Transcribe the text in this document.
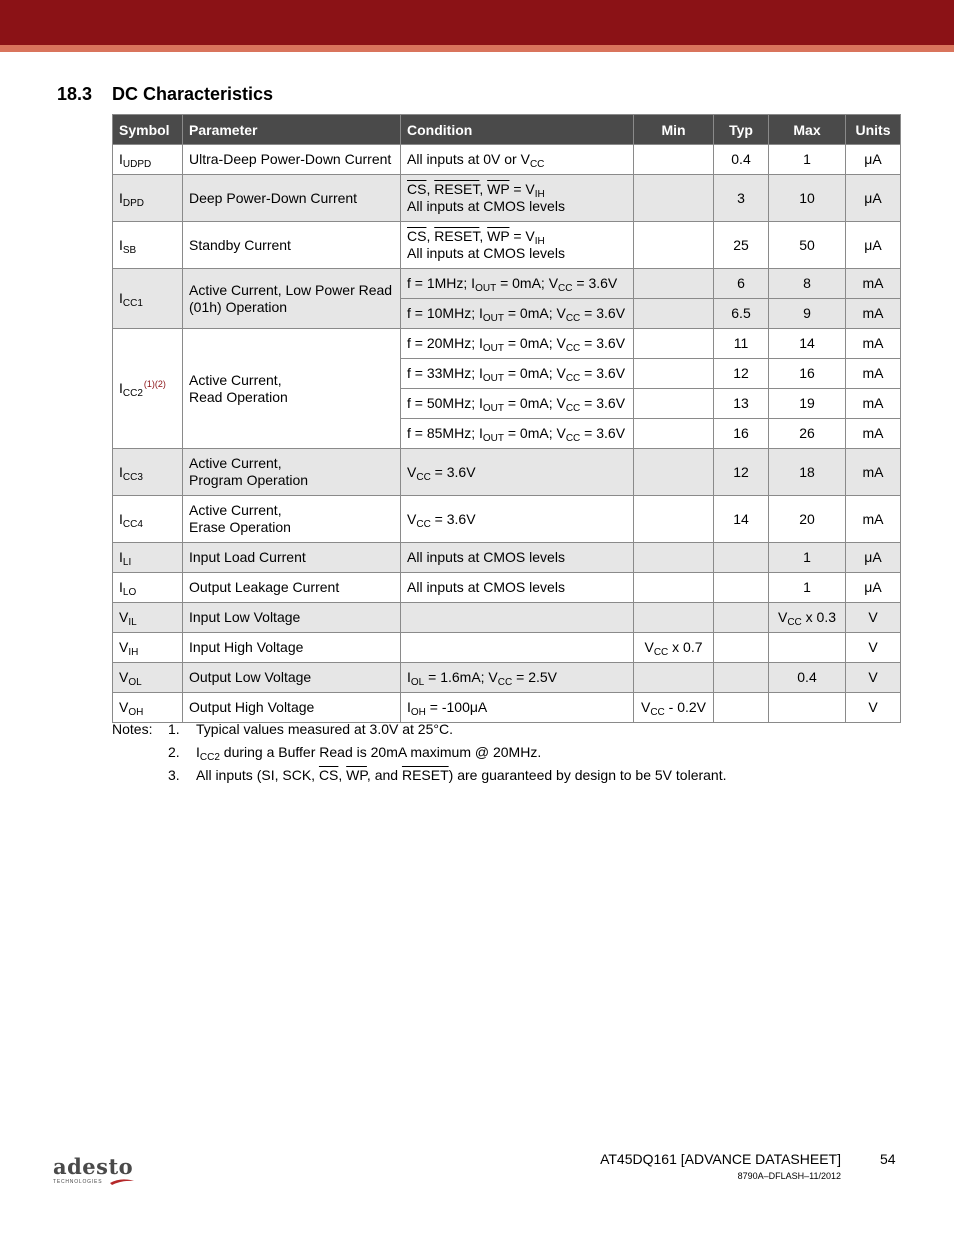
18.3 DC Characteristics
Symbol	Parameter	Condition	Min	Typ	Max	Units
$I_{UDPD}$	Ultra-Deep Power-Down Current	All inputs at 0V or $V_{CC}$		0.4	1	μA
$I_{DPD}$	Deep Power-Down Current	$\overline{CS}$, RESET, $\overline{WP} = V_{IH}$
All inputs at CMOS levels		3	10	μA
$I_{SB}$	Standby Current	$\overline{CS}$, RESET, $\overline{WP} = V_{IH}$
All inputs at CMOS levels		25	50	μA
$I_{CC1}$	Active Current, Low Power Read
(01h) Operation	f = 1MHz; $I_{OUT} = 0mA$; $V_{CC} = 3.6V$		6	8	mA
		f = 10MHz; $I_{OUT} = 0mA$; $V_{CC} = 3.6V$		6.5	9	mA
$I_{CC2}^{(1)(2)}$	Active Current,
Read Operation	f = 20MHz; $I_{OUT} = 0mA$; $V_{CC} = 3.6V$		11	14	mA
		f = 33MHz; $I_{OUT} = 0mA$; $V_{CC} = 3.6V$		12	16	mA
		f = 50MHz; $I_{OUT} = 0mA$; $V_{CC} = 3.6V$		13	19	mA
		f = 85MHz; $I_{OUT} = 0mA$; $V_{CC} = 3.6V$		16	26	mA
$I_{CC3}$	Active Current,
Program Operation	$V_{CC} = 3.6V$		12	18	mA
$I_{CC4}$	Active Current,
Erase Operation	$V_{CC} = 3.6V$		14	20	mA
$I_{LI}$	Input Load Current	All inputs at CMOS levels			1	μA
$I_{LO}$	Output Leakage Current	All inputs at CMOS levels			1	μA
$V_{IL}$	Input Low Voltage				$V_{CC}$ x 0.3	V
$V_{IH}$	Input High Voltage		$V_{CC}$ x 0.7			V
$V_{OL}$	Output Low Voltage	$I_{OL} = 1.6mA$; $V_{CC} = 2.5V$			0.4	V
$V_{OH}$	Output High Voltage	$I_{OH} = -100\mu A$	$V_{CC} - 0.2V$			V
Notes: 1. Typical values measured at 3.0V at 25°C.
2. $I_{CC2}$ during a Buffer Read is 20mA maximum @ 20MHz.
3. All inputs (SI, SCK, $\overline{CS}$, $\overline{WP}$, and RESET) are guaranteed by design to be 5V tolerant.
adesto
TECHNOLOGIES
AT45DQ161 [ADVANCE DATASHEET]	54
8790A–DFLASH–11/2012
